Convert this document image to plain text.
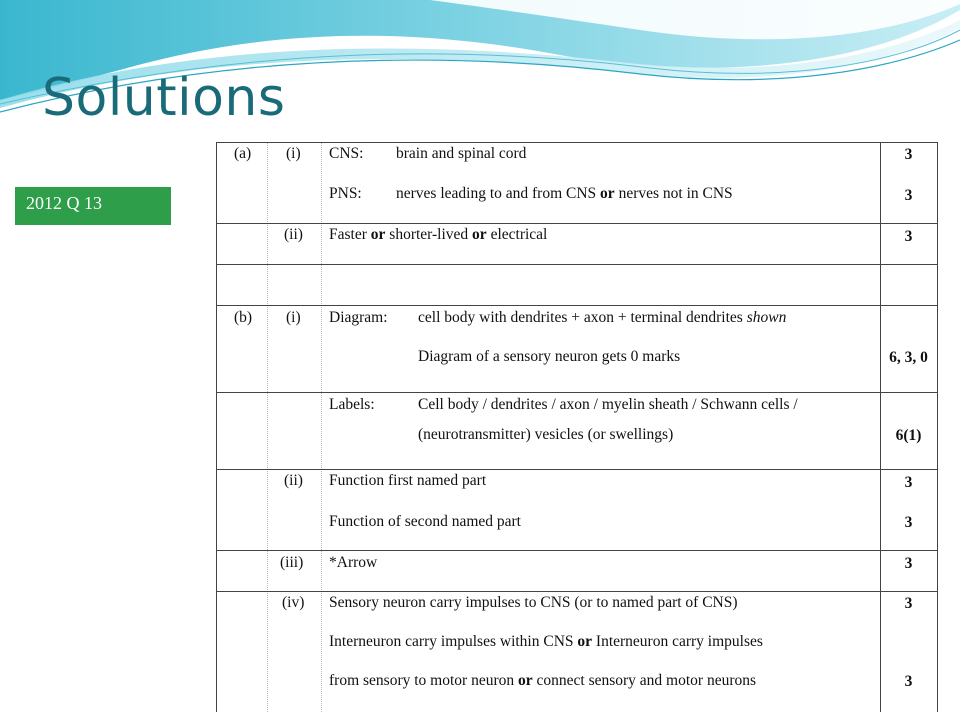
Solutions
2012 Q 13
(a) (i) CNS: brain and spinal cord	3
PNS: nerves leading to and from CNS or nerves not in CNS	3
(ii) Faster or shorter-lived or electrical	3
(b) (i) Diagram: cell body with dendrites + axon + terminal dendrites shown
Diagram of a sensory neuron gets 0 marks	6, 3, 0
Labels:	Cell body / dendrites / axon / myelin sheath / Schwann cells /
(neurotransmitter) vesicles (or swellings)	6(1)
(ii) Function first named part	3
Function of second named part	3
(iii) *Arrow	3
(iv) Sensory neuron carry impulses to CNS (or to named part of CNS)	3
Interneuron carry impulses within CNS or Interneuron carry impulses
from sensory to motor neuron or connect sensory and motor neurons	3
